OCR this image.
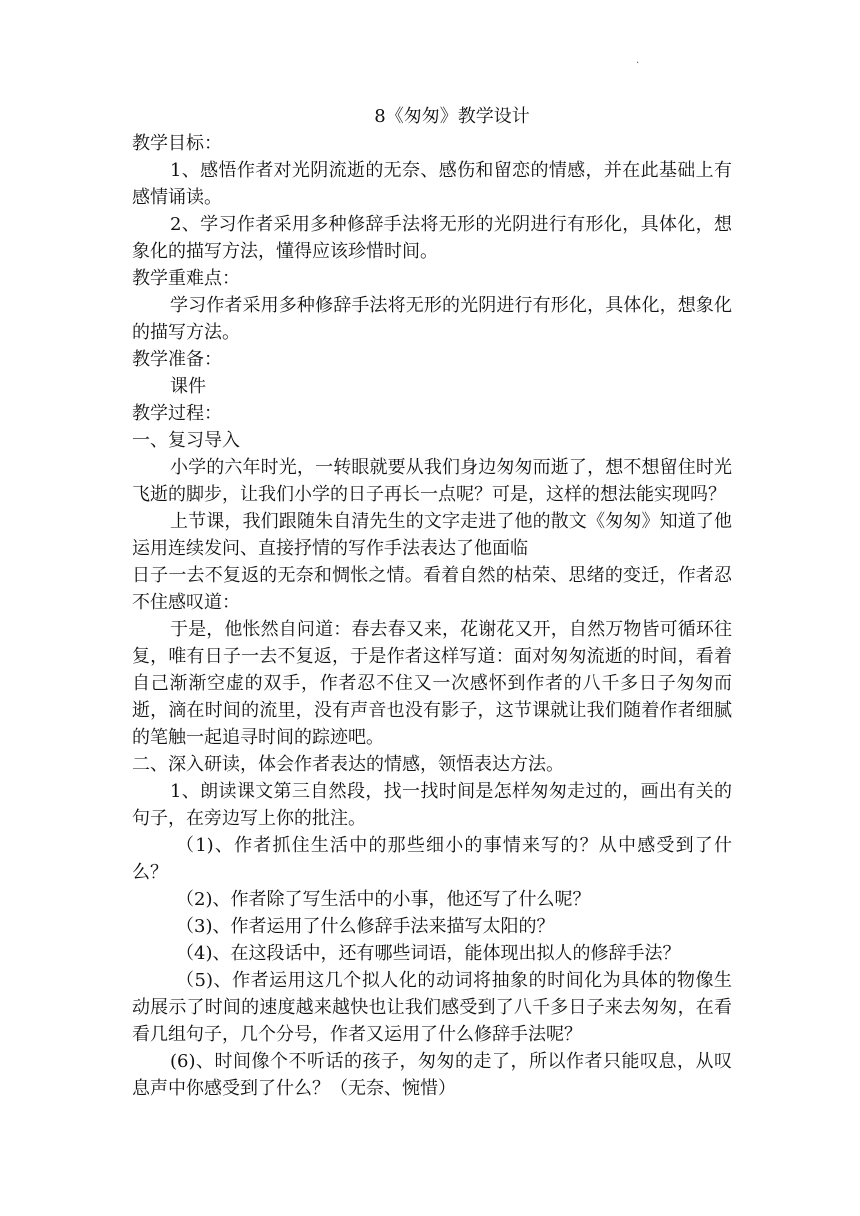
.

8《匆匆》教学设计

教学目标：

1、感悟作者对光阴流逝的无奈、感伤和留恋的情感，并在此基础上有感情诵读。

2、学习作者采用多种修辞手法将无形的光阴进行有形化，具体化，想象化的描写方法，懂得应该珍惜时间。

教学重难点：

学习作者采用多种修辞手法将无形的光阴进行有形化，具体化，想象化的描写方法。

教学准备：

课件

教学过程：

一、复习导入

小学的六年时光，一转眼就要从我们身边匆匆而逝了，想不想留住时光飞逝的脚步，让我们小学的日子再长一点呢？可是，这样的想法能实现吗？

上节课，我们跟随朱自清先生的文字走进了他的散文《匆匆》知道了他运用连续发问、直接抒情的写作手法表达了他面临

日子一去不复返的无奈和惆怅之情。看着自然的枯荣、思绪的变迁，作者忍不住感叹道：

于是，他怅然自问道：春去春又来，花谢花又开，自然万物皆可循环往复，唯有日子一去不复返，于是作者这样写道：面对匆匆流逝的时间，看着自己渐渐空虚的双手，作者忍不住又一次感怀到作者的八千多日子匆匆而逝，滴在时间的流里，没有声音也没有影子，这节课就让我们随着作者细腻的笔触一起追寻时间的踪迹吧。

二、深入研读，体会作者表达的情感，领悟表达方法。

1、朗读课文第三自然段，找一找时间是怎样匆匆走过的，画出有关的句子，在旁边写上你的批注。

（1)、作者抓住生活中的那些细小的事情来写的？从中感受到了什么？

（2)、作者除了写生活中的小事，他还写了什么呢？

（3)、作者运用了什么修辞手法来描写太阳的？

（4)、在这段话中，还有哪些词语，能体现出拟人的修辞手法？

（5)、作者运用这几个拟人化的动词将抽象的时间化为具体的物像生动展示了时间的速度越来越快也让我们感受到了八千多日子来去匆匆，在看看几组句子，几个分号，作者又运用了什么修辞手法呢？

(6)、时间像个不听话的孩子，匆匆的走了，所以作者只能叹息，从叹息声中你感受到了什么？（无奈、惋惜）
